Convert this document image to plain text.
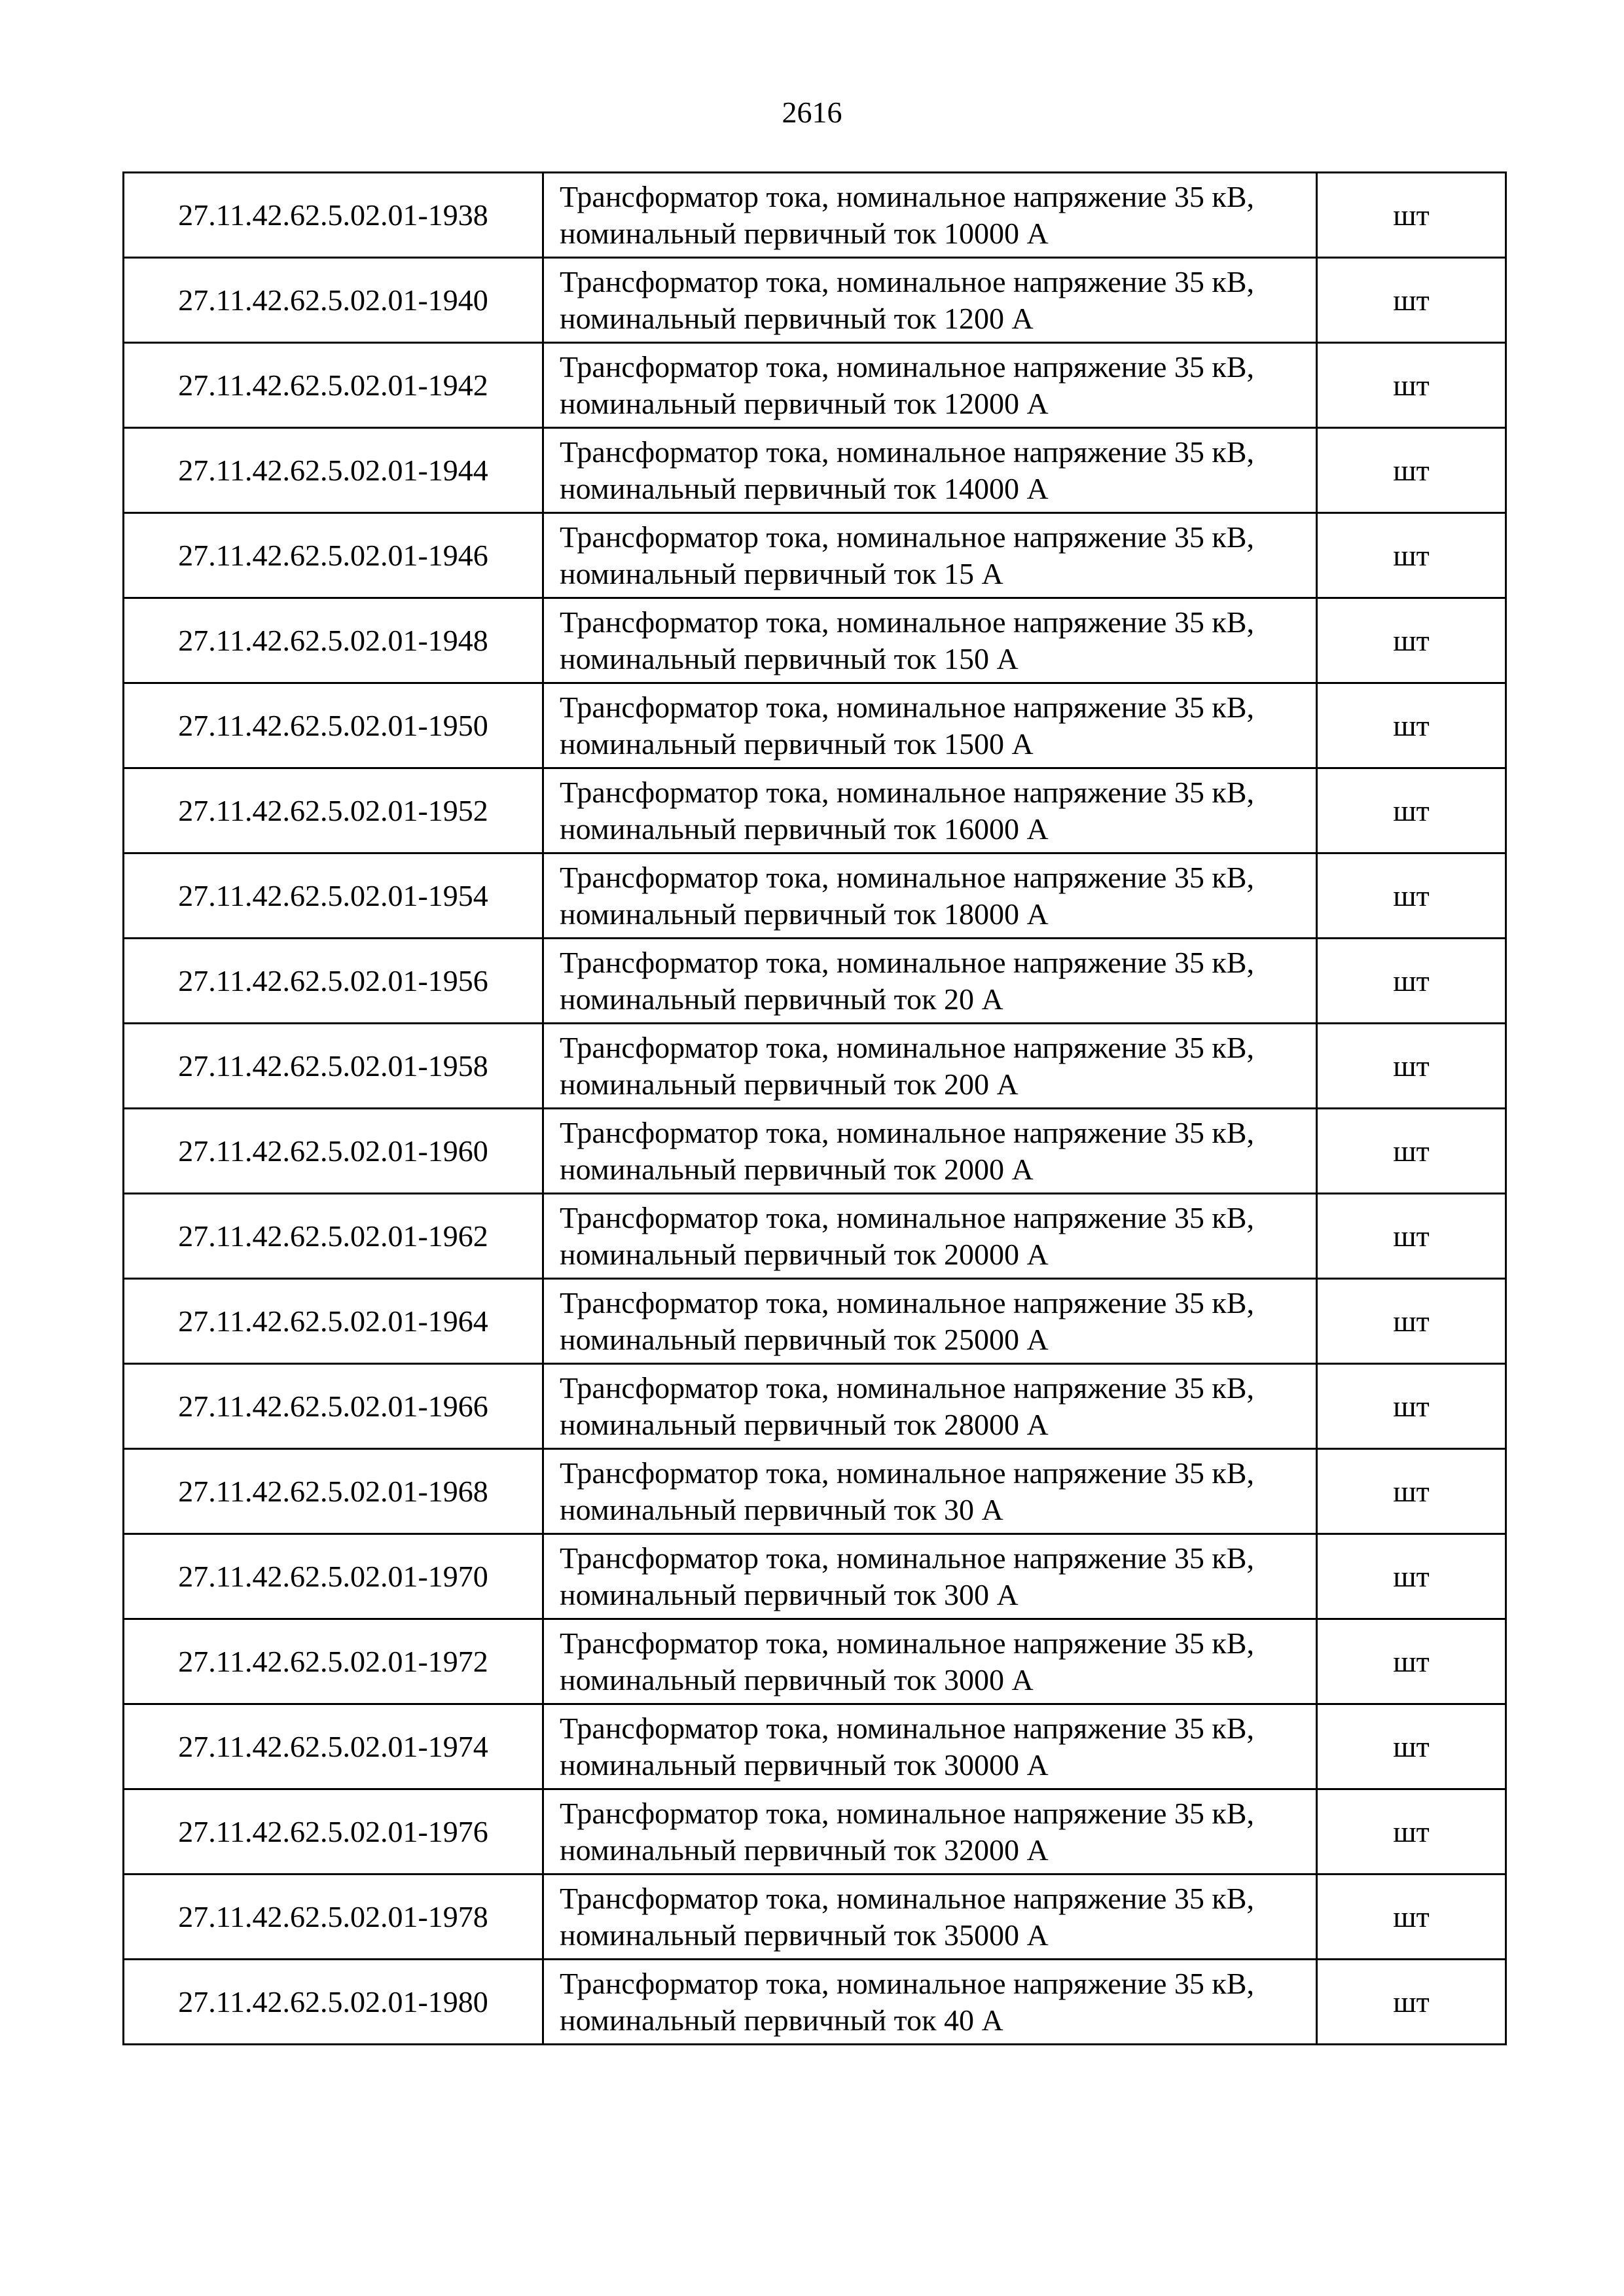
2616
27.11.42.62.5.02.01-1938	Трансформатор тока, номинальное напряжение 35 кВ, номинальный первичный ток 10000 А	шт
27.11.42.62.5.02.01-1940	Трансформатор тока, номинальное напряжение 35 кВ, номинальный первичный ток 1200 А	шт
27.11.42.62.5.02.01-1942	Трансформатор тока, номинальное напряжение 35 кВ, номинальный первичный ток 12000 А	шт
27.11.42.62.5.02.01-1944	Трансформатор тока, номинальное напряжение 35 кВ, номинальный первичный ток 14000 А	шт
27.11.42.62.5.02.01-1946	Трансформатор тока, номинальное напряжение 35 кВ, номинальный первичный ток 15 А	шт
27.11.42.62.5.02.01-1948	Трансформатор тока, номинальное напряжение 35 кВ, номинальный первичный ток 150 А	шт
27.11.42.62.5.02.01-1950	Трансформатор тока, номинальное напряжение 35 кВ, номинальный первичный ток 1500 А	шт
27.11.42.62.5.02.01-1952	Трансформатор тока, номинальное напряжение 35 кВ, номинальный первичный ток 16000 А	шт
27.11.42.62.5.02.01-1954	Трансформатор тока, номинальное напряжение 35 кВ, номинальный первичный ток 18000 А	шт
27.11.42.62.5.02.01-1956	Трансформатор тока, номинальное напряжение 35 кВ, номинальный первичный ток 20 А	шт
27.11.42.62.5.02.01-1958	Трансформатор тока, номинальное напряжение 35 кВ, номинальный первичный ток 200 А	шт
27.11.42.62.5.02.01-1960	Трансформатор тока, номинальное напряжение 35 кВ, номинальный первичный ток 2000 А	шт
27.11.42.62.5.02.01-1962	Трансформатор тока, номинальное напряжение 35 кВ, номинальный первичный ток 20000 А	шт
27.11.42.62.5.02.01-1964	Трансформатор тока, номинальное напряжение 35 кВ, номинальный первичный ток 25000 А	шт
27.11.42.62.5.02.01-1966	Трансформатор тока, номинальное напряжение 35 кВ, номинальный первичный ток 28000 А	шт
27.11.42.62.5.02.01-1968	Трансформатор тока, номинальное напряжение 35 кВ, номинальный первичный ток 30 А	шт
27.11.42.62.5.02.01-1970	Трансформатор тока, номинальное напряжение 35 кВ, номинальный первичный ток 300 А	шт
27.11.42.62.5.02.01-1972	Трансформатор тока, номинальное напряжение 35 кВ, номинальный первичный ток 3000 А	шт
27.11.42.62.5.02.01-1974	Трансформатор тока, номинальное напряжение 35 кВ, номинальный первичный ток 30000 А	шт
27.11.42.62.5.02.01-1976	Трансформатор тока, номинальное напряжение 35 кВ, номинальный первичный ток 32000 А	шт
27.11.42.62.5.02.01-1978	Трансформатор тока, номинальное напряжение 35 кВ, номинальный первичный ток 35000 А	шт
27.11.42.62.5.02.01-1980	Трансформатор тока, номинальное напряжение 35 кВ, номинальный первичный ток 40 А	шт
